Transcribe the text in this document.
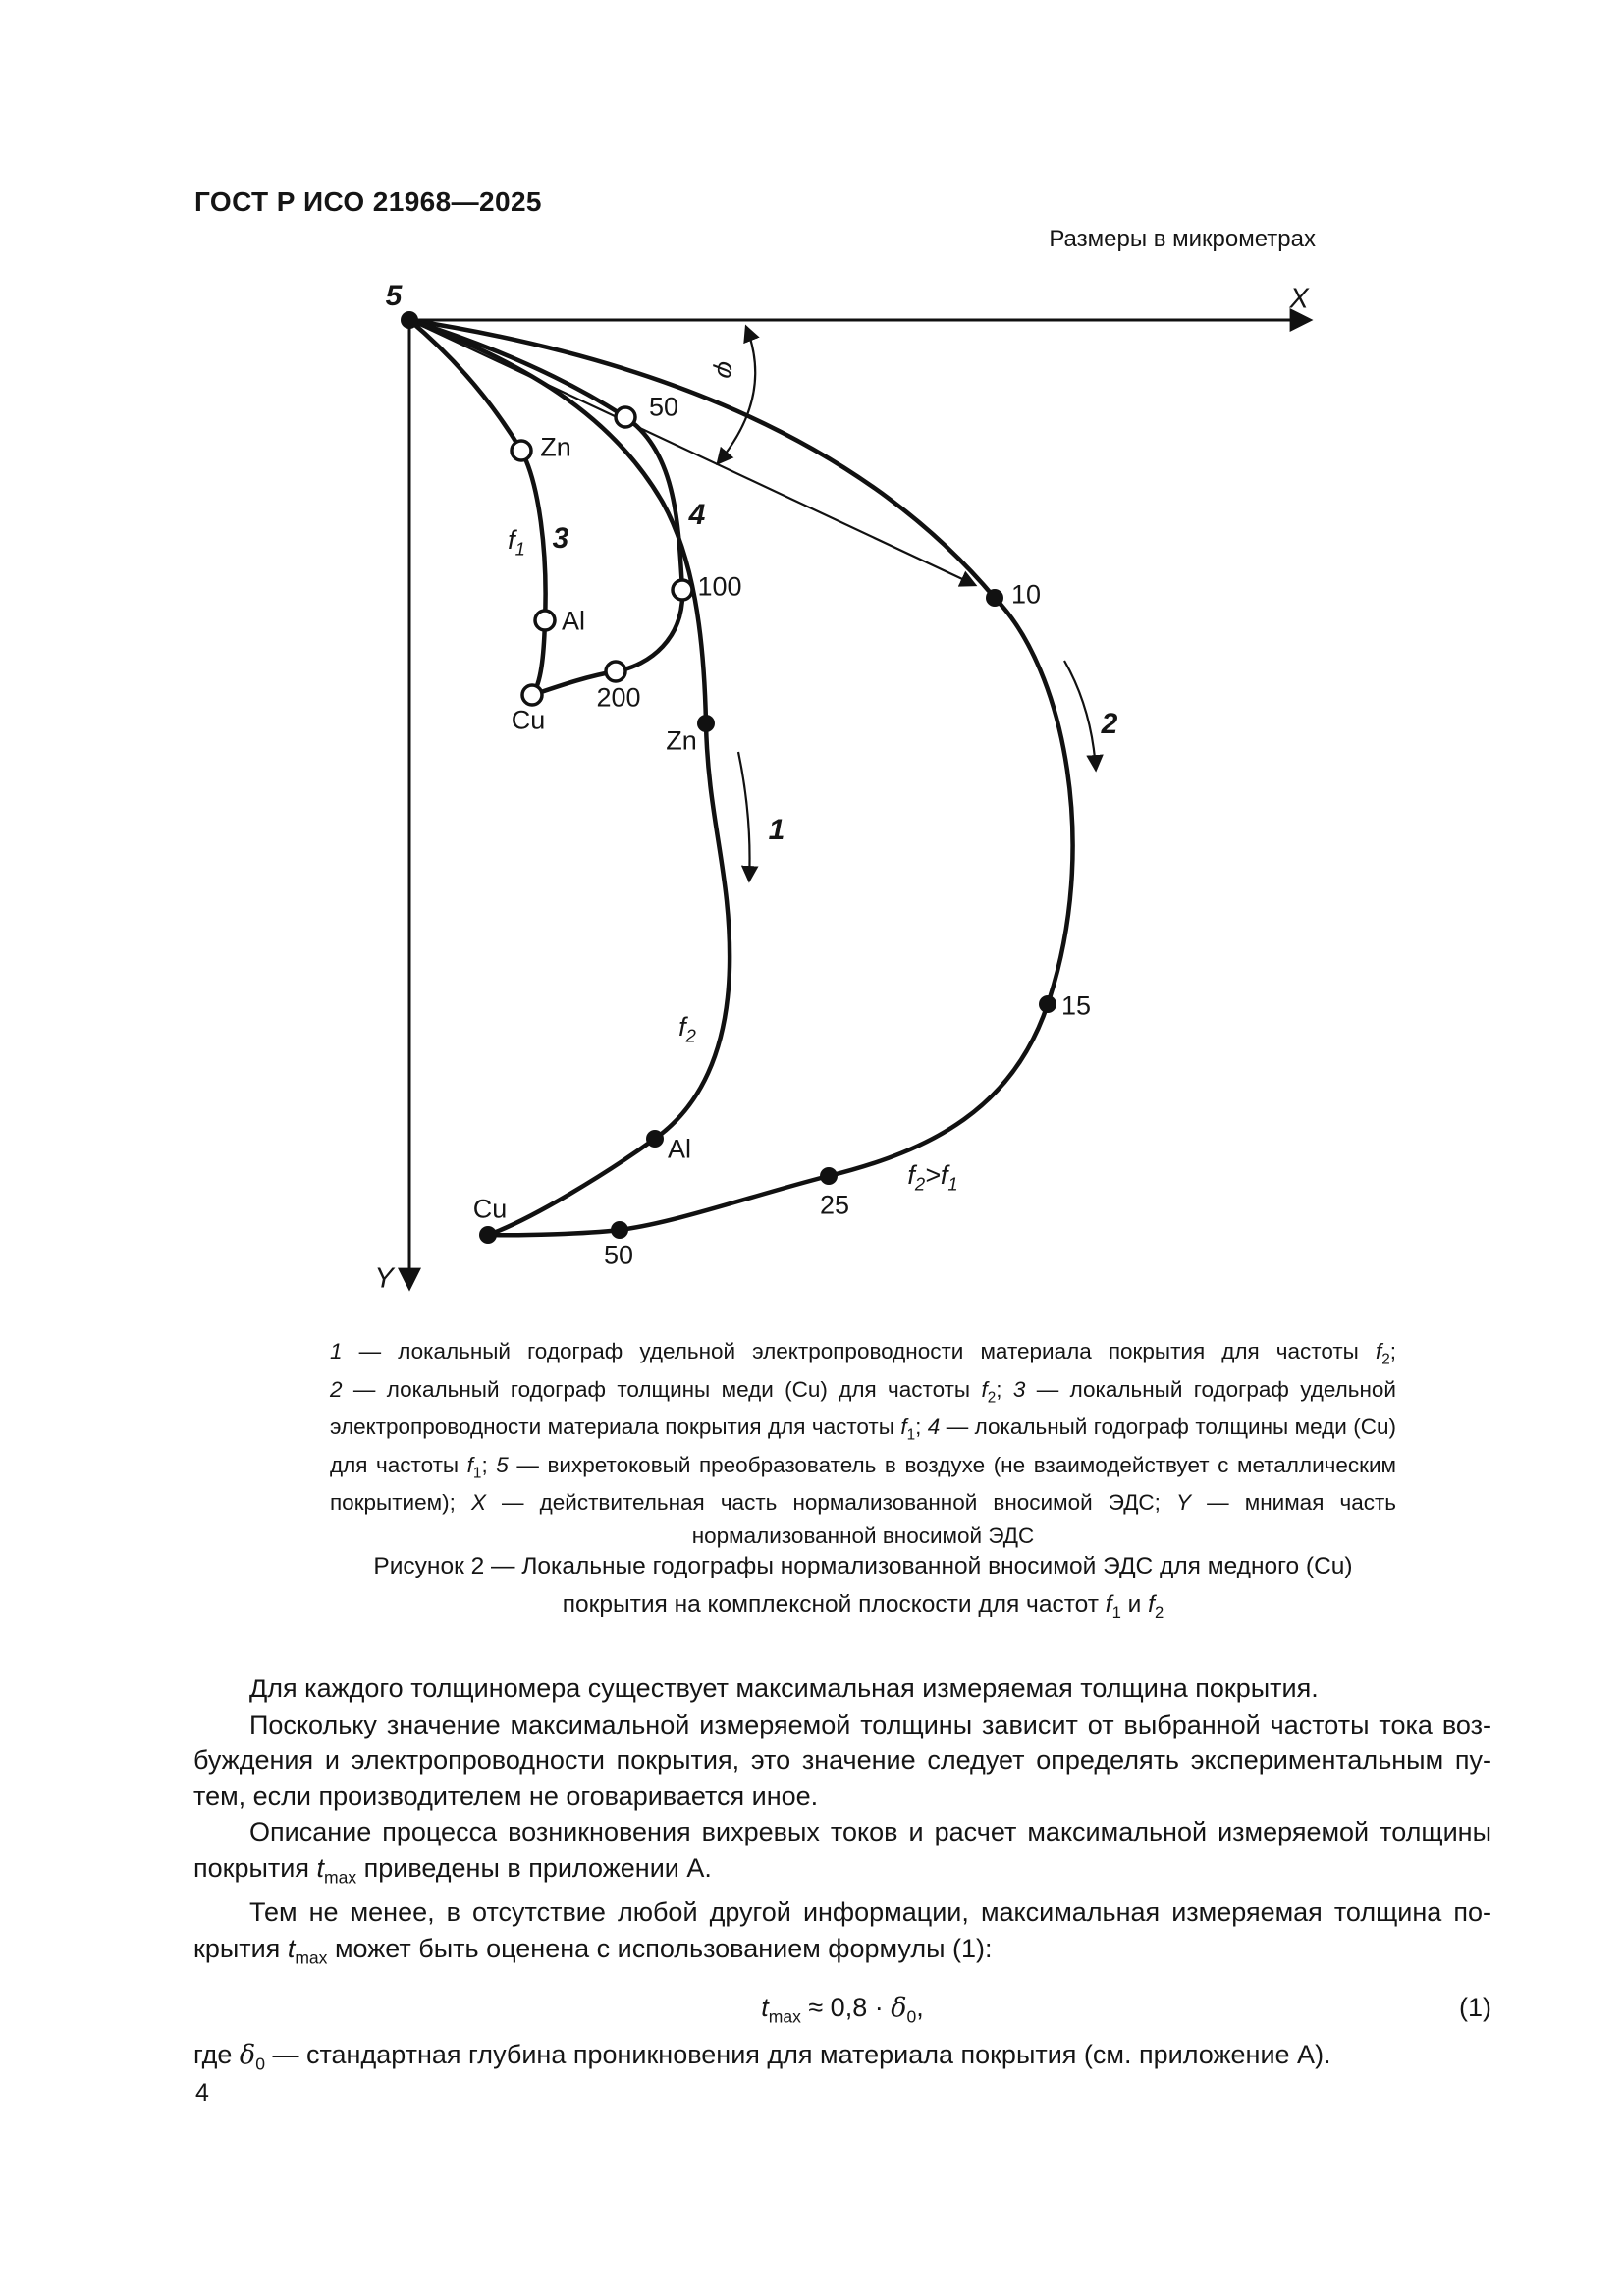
ГОСТ Р ИСО 21968—2025
Размеры в микрометрах
5	X
Y
φ
50
Zn
$f_1$ 3
4
100
Al
200
Cu
10
Zn
1
2
15
$f_2$
Al
25
$f_2>f_1$
Cu
50
1 — локальный годограф удельной электропроводности материала покрытия для частоты $f_2$;
2 — локальный годограф толщины меди (Cu) для частоты $f_2$; 3 — локальный годограф удельной
электропроводности материала покрытия для частоты $f_1$; 4 — локальный годограф толщины меди (Cu)
для частоты $f_1$; 5 — вихретоковый преобразователь в воздухе (не взаимодействует с металлическим
покрытием); X — действительная часть нормализованной вносимой ЭДС; Y — мнимая часть
нормализованной вносимой ЭДС
Рисунок 2 — Локальные годографы нормализованной вносимой ЭДС для медного (Cu)
покрытия на комплексной плоскости для частот $f_1$ и $f_2$
Для каждого толщиномера существует максимальная измеряемая толщина покрытия.
Поскольку значение максимальной измеряемой толщины зависит от выбранной частоты тока воз-
буждения и электропроводности покрытия, это значение следует определять экспериментальным пу-
тем, если производителем не оговаривается иное.
Описание процесса возникновения вихревых токов и расчет максимальной измеряемой толщины
покрытия $t_{max}$ приведены в приложении А.
Тем не менее, в отсутствие любой другой информации, максимальная измеряемая толщина по-
крытия $t_{max}$ может быть оценена с использованием формулы (1):
$t_{max} \approx 0,8 \cdot \delta_0$,	(1)
где $\delta_0$ — стандартная глубина проникновения для материала покрытия (см. приложение А).
4
